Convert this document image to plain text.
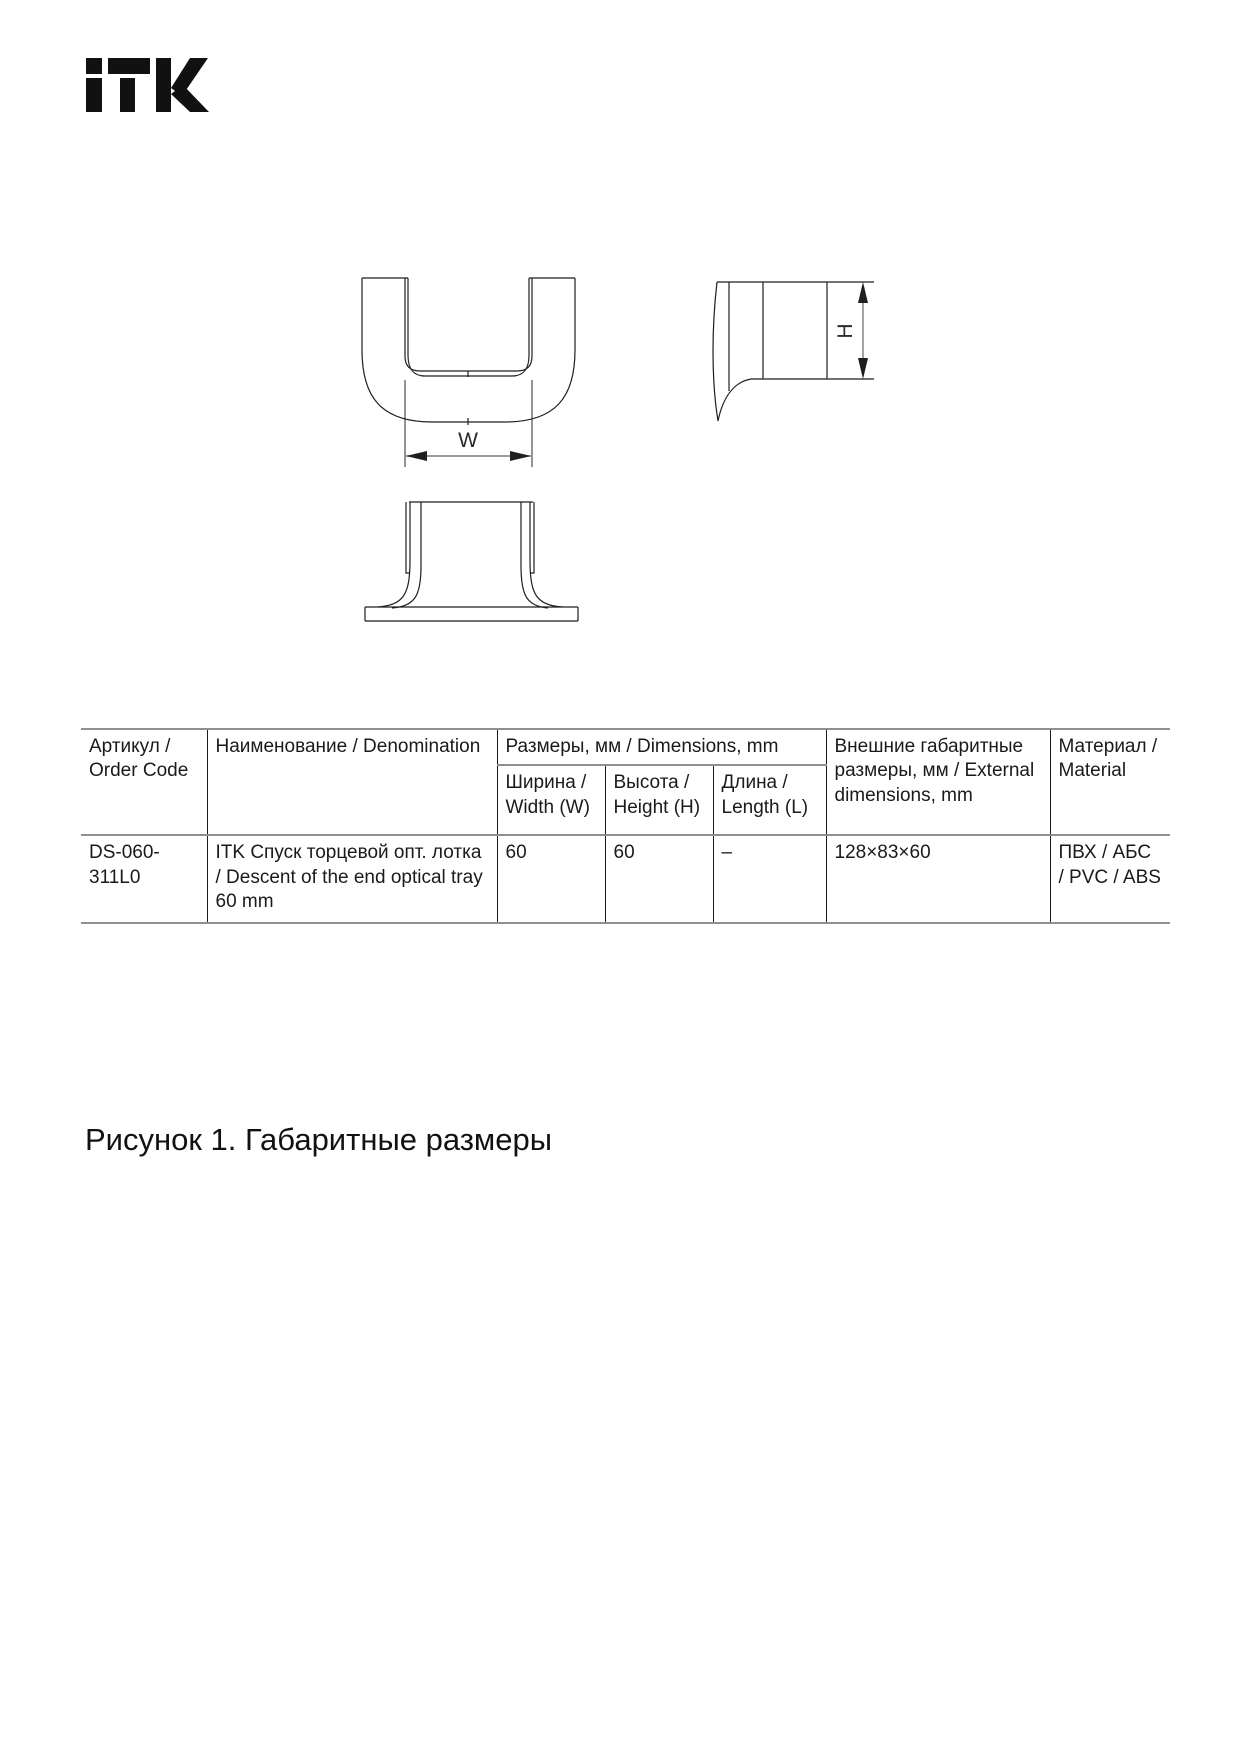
W
H
Артикул / Order Code	Наименование / Denomination	Размеры, мм / Dimensions, mm			Внешние габаритные размеры, мм / External dimensions, mm	Материал / Material
		Ширина / Width (W)	Высота / Height (H)	Длина / Length (L)		
DS-060-311L0	ITK Спуск торцевой опт. лотка / Descent of the end optical tray 60 mm	60	60	–	128×83×60	ПВХ / АБС / PVC / ABS
Рисунок 1. Габаритные размеры
